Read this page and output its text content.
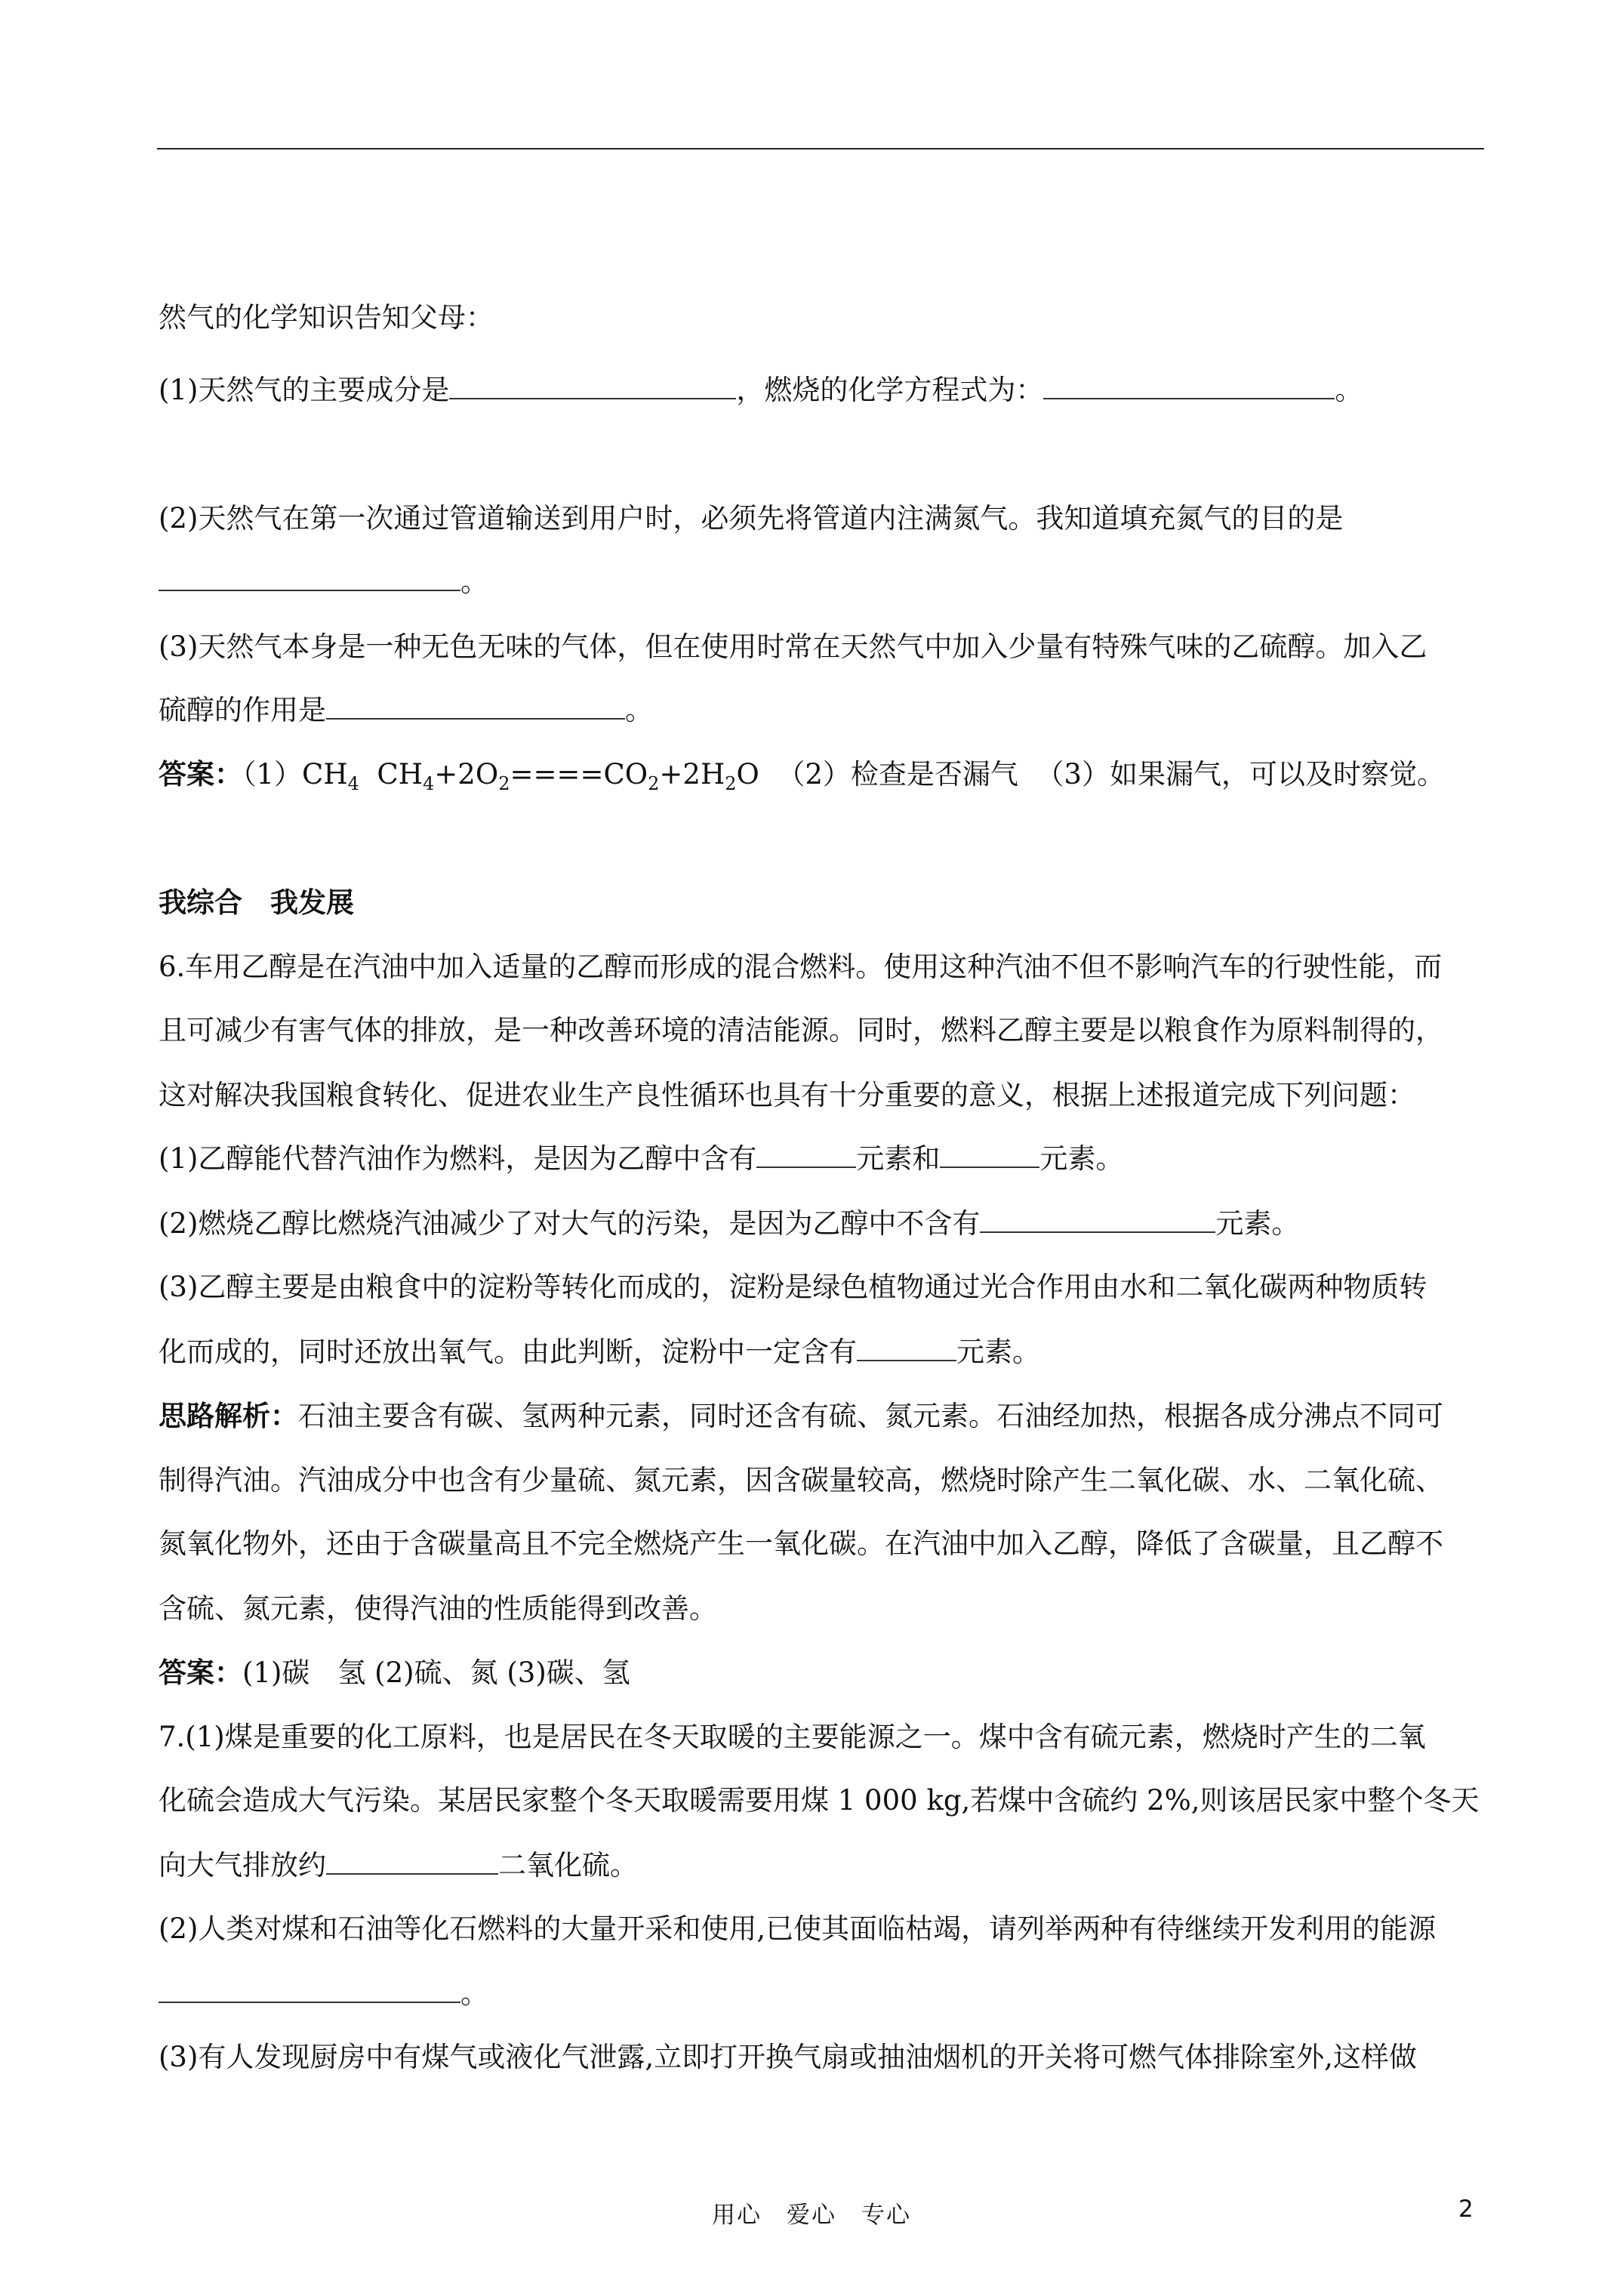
然气的化学知识告知父母：
(1)天然气的主要成分是	，燃烧的化学方程式为：	。
(2)天然气在第一次通过管道输送到用户时，必须先将管道内注满氮气。我知道填充氮气的目的是
。
(3)天然气本身是一种无色无味的气体，但在使用时常在天然气中加入少量有特殊气味的乙硫醇。加入乙
硫醇的作用是	。
答案：$(1)CH_4$  $CH_4+2O_2====CO_2+2H_2O$  （2）检查是否漏气  （3）如果漏气，可以及时察觉。
我综合　我发展
6.车用乙醇是在汽油中加入适量的乙醇而形成的混合燃料。使用这种汽油不但不影响汽车的行驶性能，而
且可减少有害气体的排放，是一种改善环境的清洁能源。同时，燃料乙醇主要是以粮食作为原料制得的，
这对解决我国粮食转化、促进农业生产良性循环也具有十分重要的意义，根据上述报道完成下列问题：
(1)乙醇能代替汽油作为燃料，是因为乙醇中含有	元素和	元素。
(2)燃烧乙醇比燃烧汽油减少了对大气的污染，是因为乙醇中不含有	元素。
(3)乙醇主要是由粮食中的淀粉等转化而成的，淀粉是绿色植物通过光合作用由水和二氧化碳两种物质转
化而成的，同时还放出氧气。由此判断，淀粉中一定含有	元素。
思路解析：石油主要含有碳、氢两种元素，同时还含有硫、氮元素。石油经加热，根据各成分沸点不同可
制得汽油。汽油成分中也含有少量硫、氮元素，因含碳量较高，燃烧时除产生二氧化碳、水、二氧化硫、
氮氧化物外，还由于含碳量高且不完全燃烧产生一氧化碳。在汽油中加入乙醇，降低了含碳量，且乙醇不
含硫、氮元素，使得汽油的性质能得到改善。
答案：(1)碳　氢 (2)硫、氮 (3)碳、氢
7.(1)煤是重要的化工原料，也是居民在冬天取暖的主要能源之一。煤中含有硫元素，燃烧时产生的二氧
化硫会造成大气污染。某居民家整个冬天取暖需要用煤 1 000 kg,若煤中含硫约 2%,则该居民家中整个冬天
向大气排放约	二氧化硫。
(2)人类对煤和石油等化石燃料的大量开采和使用,已使其面临枯竭，请列举两种有待继续开发利用的能源
。
(3)有人发现厨房中有煤气或液化气泄露,立即打开换气扇或抽油烟机的开关将可燃气体排除室外,这样做
用心　爱心　专心	2
